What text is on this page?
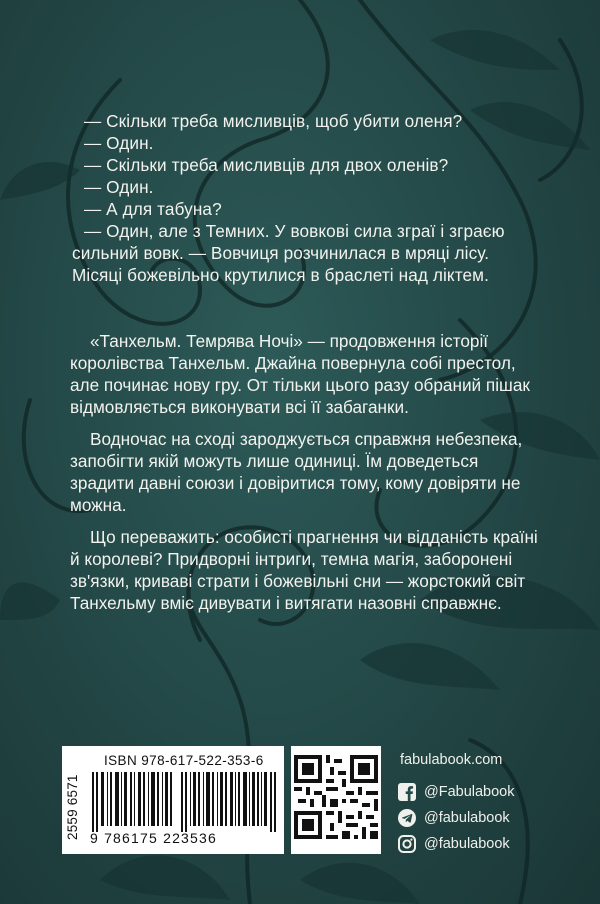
— Скільки треба мисливців, щоб убити оленя?

— Один.

— Скільки треба мисливців для двох оленів?

— Один.

— А для табуна?

— Один, але з Темних. У вовкові сила зграї і зграєю

сильний вовк. — Вовчиця розчинилася в мряці лісу.

Місяці божевільно крутилися в браслеті над ліктем.

«Танхельм. Темрява Ночі» — продовження історії королівства Танхельм. Джайна повернула собі престол, але починає нову гру. От тільки цього разу обраний пішак відмовляється виконувати всі її забаганки.

Водночас на сході зароджується справжня небезпека, запобігти якій можуть лише одиниці. Їм доведеться зрадити давні союзи і довіритися тому, кому довіряти не можна.

Що переважить: особисті прагнення чи відданість країні й королеві? Придворні інтриги, темна магія, заборонені зв'язки, криваві страти і божевільні сни — жорстокий світ Танхельму вміє дивувати і витягати назовні справжнє.

ISBN 978-617-522-353-6
2559 6571 9 786175 223536
fabulabook.com
@Fabulabook
@fabulabook
@fabulabook
